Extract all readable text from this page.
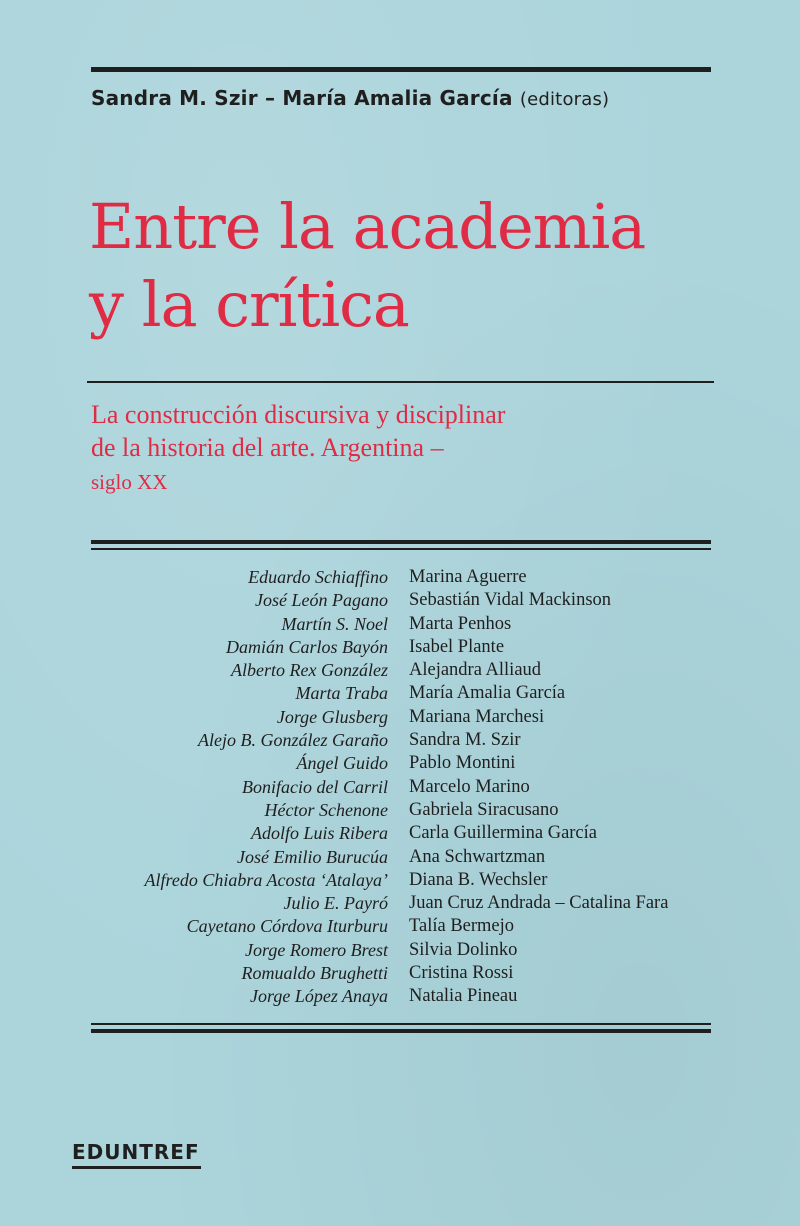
Sandra M. Szir – María Amalia García (editoras)
Entre la academia
y la crítica
La construcción discursiva y disciplinar
de la historia del arte. Argentina –
siglo XX
Eduardo Schiaffino
José León Pagano
Martín S. Noel
Damián Carlos Bayón
Alberto Rex González
Marta Traba
Jorge Glusberg
Alejo B. González Garaño
Ángel Guido
Bonifacio del Carril
Héctor Schenone
Adolfo Luis Ribera
José Emilio Burucúa
Alfredo Chiabra Acosta ‘Atalaya’
Julio E. Payró
Cayetano Córdova Iturburu
Jorge Romero Brest
Romualdo Brughetti
Jorge López Anaya
Marina Aguerre
Sebastián Vidal Mackinson
Marta Penhos
Isabel Plante
Alejandra Alliaud
María Amalia García
Mariana Marchesi
Sandra M. Szir
Pablo Montini
Marcelo Marino
Gabriela Siracusano
Carla Guillermina García
Ana Schwartzman
Diana B. Wechsler
Juan Cruz Andrada – Catalina Fara
Talía Bermejo
Silvia Dolinko
Cristina Rossi
Natalia Pineau
EDUNTREF
